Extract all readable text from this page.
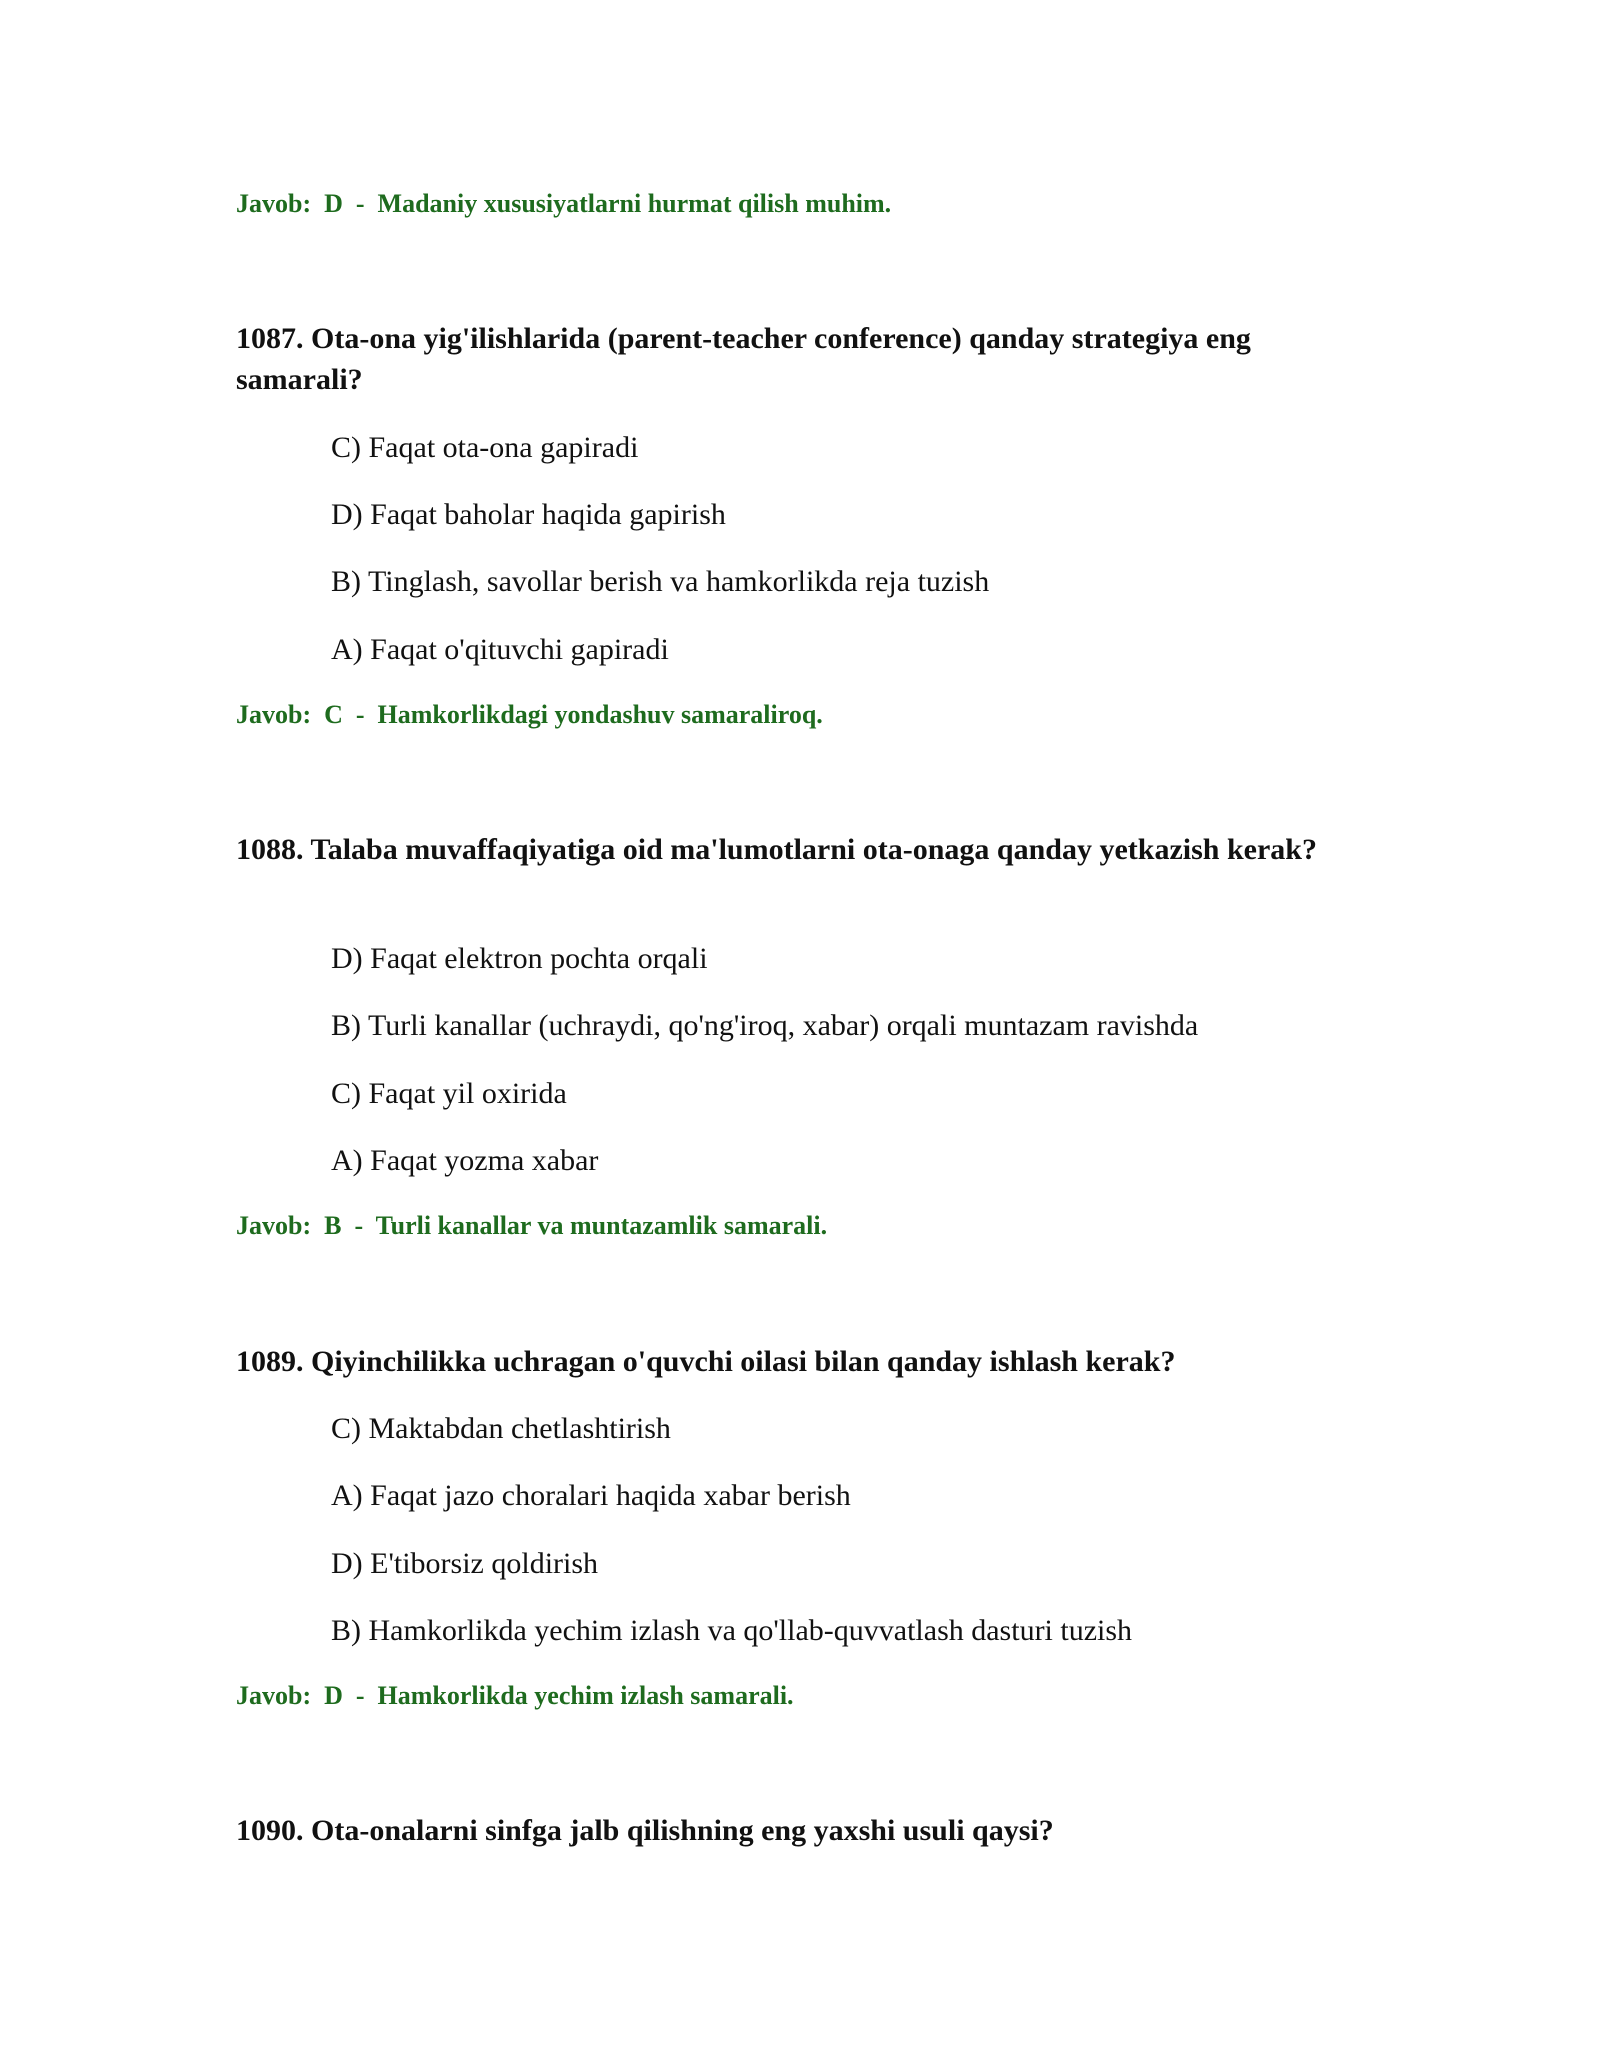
Javob:  D  -  Madaniy xususiyatlarni hurmat qilish muhim.
1087. Ota-ona yig'ilishlarida (parent-teacher conference) qanday strategiya eng samarali?
C) Faqat ota-ona gapiradi
D) Faqat baholar haqida gapirish
B) Tinglash, savollar berish va hamkorlikda reja tuzish
A) Faqat o'qituvchi gapiradi
Javob:  C  -  Hamkorlikdagi yondashuv samaraliroq.
1088. Talaba muvaffaqiyatiga oid ma'lumotlarni ota-onaga qanday yetkazish kerak?
D) Faqat elektron pochta orqali
B) Turli kanallar (uchraydi, qo'ng'iroq, xabar) orqali muntazam ravishda
C) Faqat yil oxirida
A) Faqat yozma xabar
Javob:  B  -  Turli kanallar va muntazamlik samarali.
1089. Qiyinchilikka uchragan o'quvchi oilasi bilan qanday ishlash kerak?
C) Maktabdan chetlashtirish
A) Faqat jazo choralari haqida xabar berish
D) E'tiborsiz qoldirish
B) Hamkorlikda yechim izlash va qo'llab-quvvatlash dasturi tuzish
Javob:  D  -  Hamkorlikda yechim izlash samarali.
1090. Ota-onalarni sinfga jalb qilishning eng yaxshi usuli qaysi?
